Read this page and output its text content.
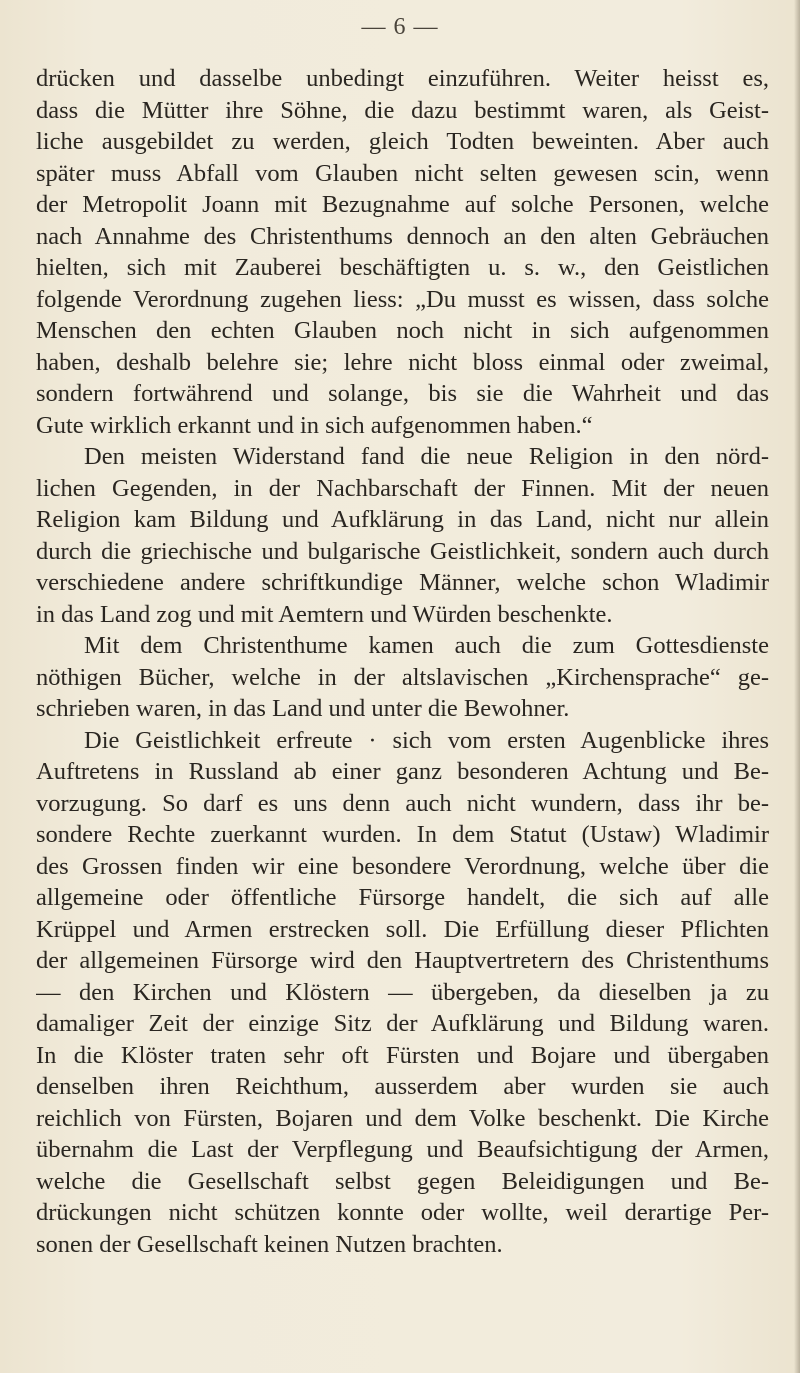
— 6 —
drücken und dasselbe unbedingt einzuführen. Weiter heisst es,
dass die Mütter ihre Söhne, die dazu bestimmt waren, als Geist-
liche ausgebildet zu werden, gleich Todten beweinten. Aber auch
später muss Abfall vom Glauben nicht selten gewesen scin, wenn
der Metropolit Joann mit Bezugnahme auf solche Personen, welche
nach Annahme des Christenthums dennoch an den alten Gebräuchen
hielten, sich mit Zauberei beschäftigten u. s. w., den Geistlichen
folgende Verordnung zugehen liess: „Du musst es wissen, dass solche
Menschen den echten Glauben noch nicht in sich aufgenommen
haben, deshalb belehre sie; lehre nicht bloss einmal oder zweimal,
sondern fortwährend und solange, bis sie die Wahrheit und das
Gute wirklich erkannt und in sich aufgenommen haben.“
Den meisten Widerstand fand die neue Religion in den nörd-
lichen Gegenden, in der Nachbarschaft der Finnen. Mit der neuen
Religion kam Bildung und Aufklärung in das Land, nicht nur allein
durch die griechische und bulgarische Geistlichkeit, sondern auch durch
verschiedene andere schriftkundige Männer, welche schon Wladimir
in das Land zog und mit Aemtern und Würden beschenkte.
Mit dem Christenthume kamen auch die zum Gottesdienste
nöthigen Bücher, welche in der altslavischen „Kirchensprache“ ge-
schrieben waren, in das Land und unter die Bewohner.
Die Geistlichkeit erfreute · sich vom ersten Augenblicke ihres
Auftretens in Russland ab einer ganz besonderen Achtung und Be-
vorzugung. So darf es uns denn auch nicht wundern, dass ihr be-
sondere Rechte zuerkannt wurden. In dem Statut (Ustaw) Wladimir
des Grossen finden wir eine besondere Verordnung, welche über die
allgemeine oder öffentliche Fürsorge handelt, die sich auf alle
Krüppel und Armen erstrecken soll. Die Erfüllung dieser Pflichten
der allgemeinen Fürsorge wird den Hauptvertretern des Christenthums
— den Kirchen und Klöstern — übergeben, da dieselben ja zu
damaliger Zeit der einzige Sitz der Aufklärung und Bildung waren.
In die Klöster traten sehr oft Fürsten und Bojare und übergaben
denselben ihren Reichthum, ausserdem aber wurden sie auch
reichlich von Fürsten, Bojaren und dem Volke beschenkt. Die Kirche
übernahm die Last der Verpflegung und Beaufsichtigung der Armen,
welche die Gesellschaft selbst gegen Beleidigungen und Be-
drückungen nicht schützen konnte oder wollte, weil derartige Per-
sonen der Gesellschaft keinen Nutzen brachten.
